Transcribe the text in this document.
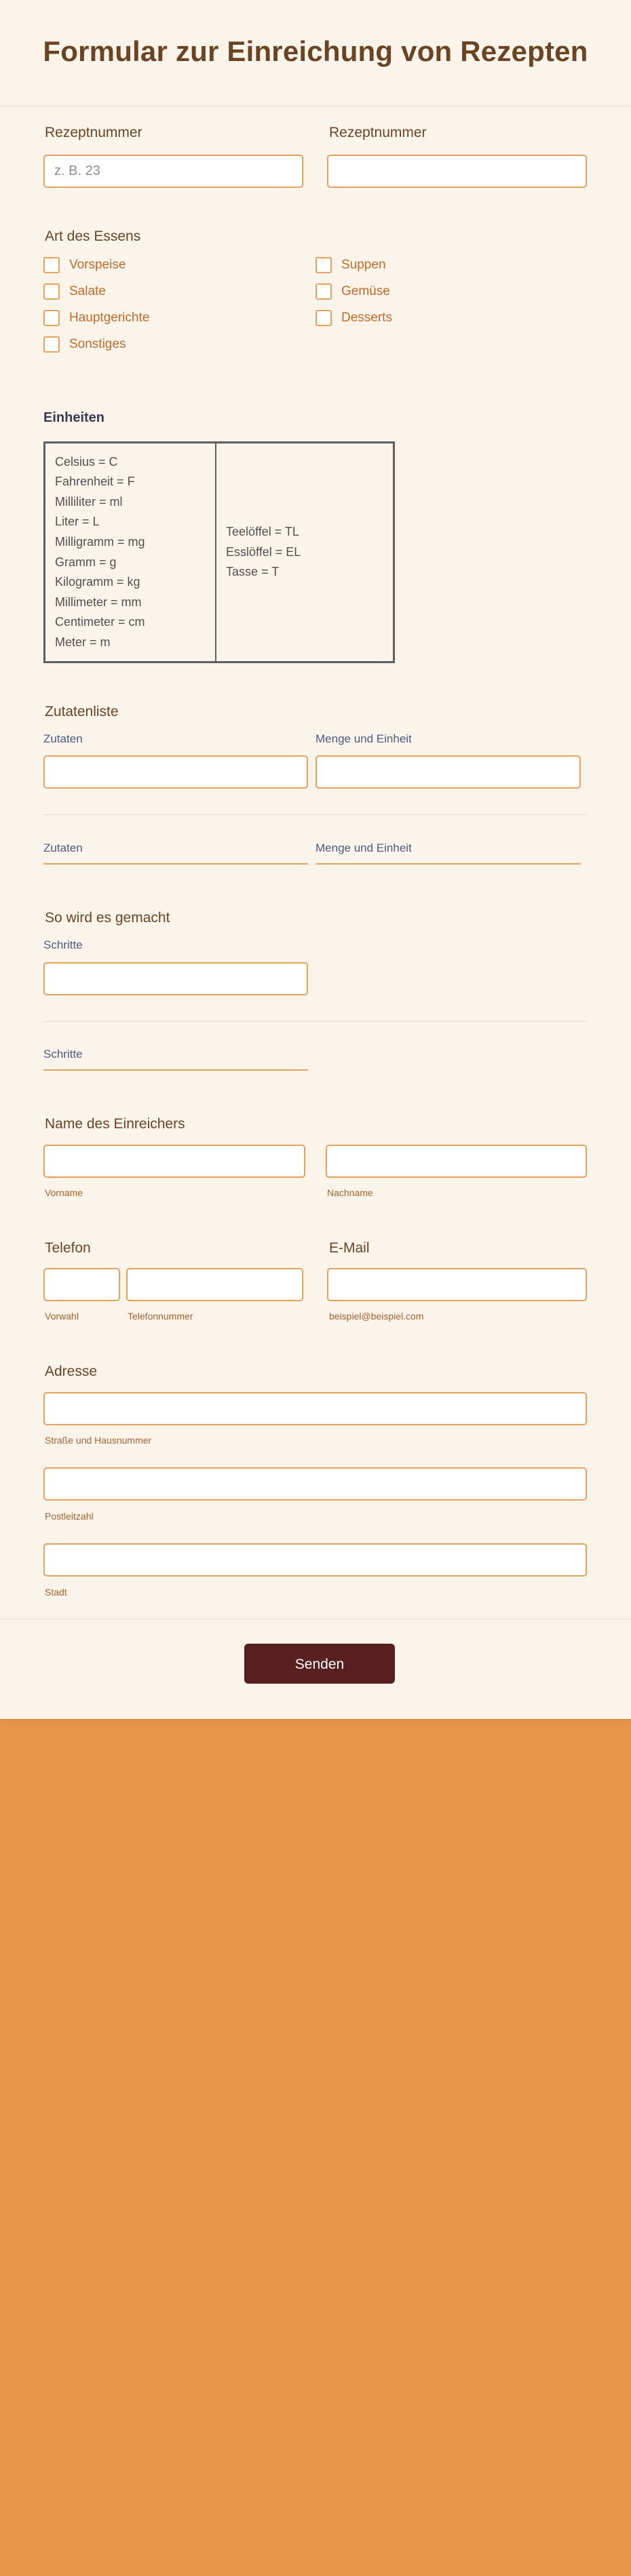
Formular zur Einreichung von Rezepten
Rezeptnummer	Rezeptnummer
z. B. 23
Art des Essens
Vorspeise
Salate
Hauptgerichte
Sonstiges
Suppen
Gemüse
Desserts
Einheiten
Celsius = C
Fahrenheit = F
Milliliter = ml
Liter = L
Milligramm = mg
Gramm = g
Kilogramm = kg
Millimeter = mm
Centimeter = cm
Meter = m
Teelöffel = TL
Esslöffel = EL
Tasse = T
Zutatenliste
Zutaten	Menge und Einheit
Zutaten	Menge und Einheit
So wird es gemacht
Schritte
Schritte
Name des Einreichers
Vorname	Nachname
Telefon	E-Mail
Vorwahl	Telefonnummer	beispiel@beispiel.com
Adresse
Straße und Hausnummer
Postleitzahl
Stadt
Senden
